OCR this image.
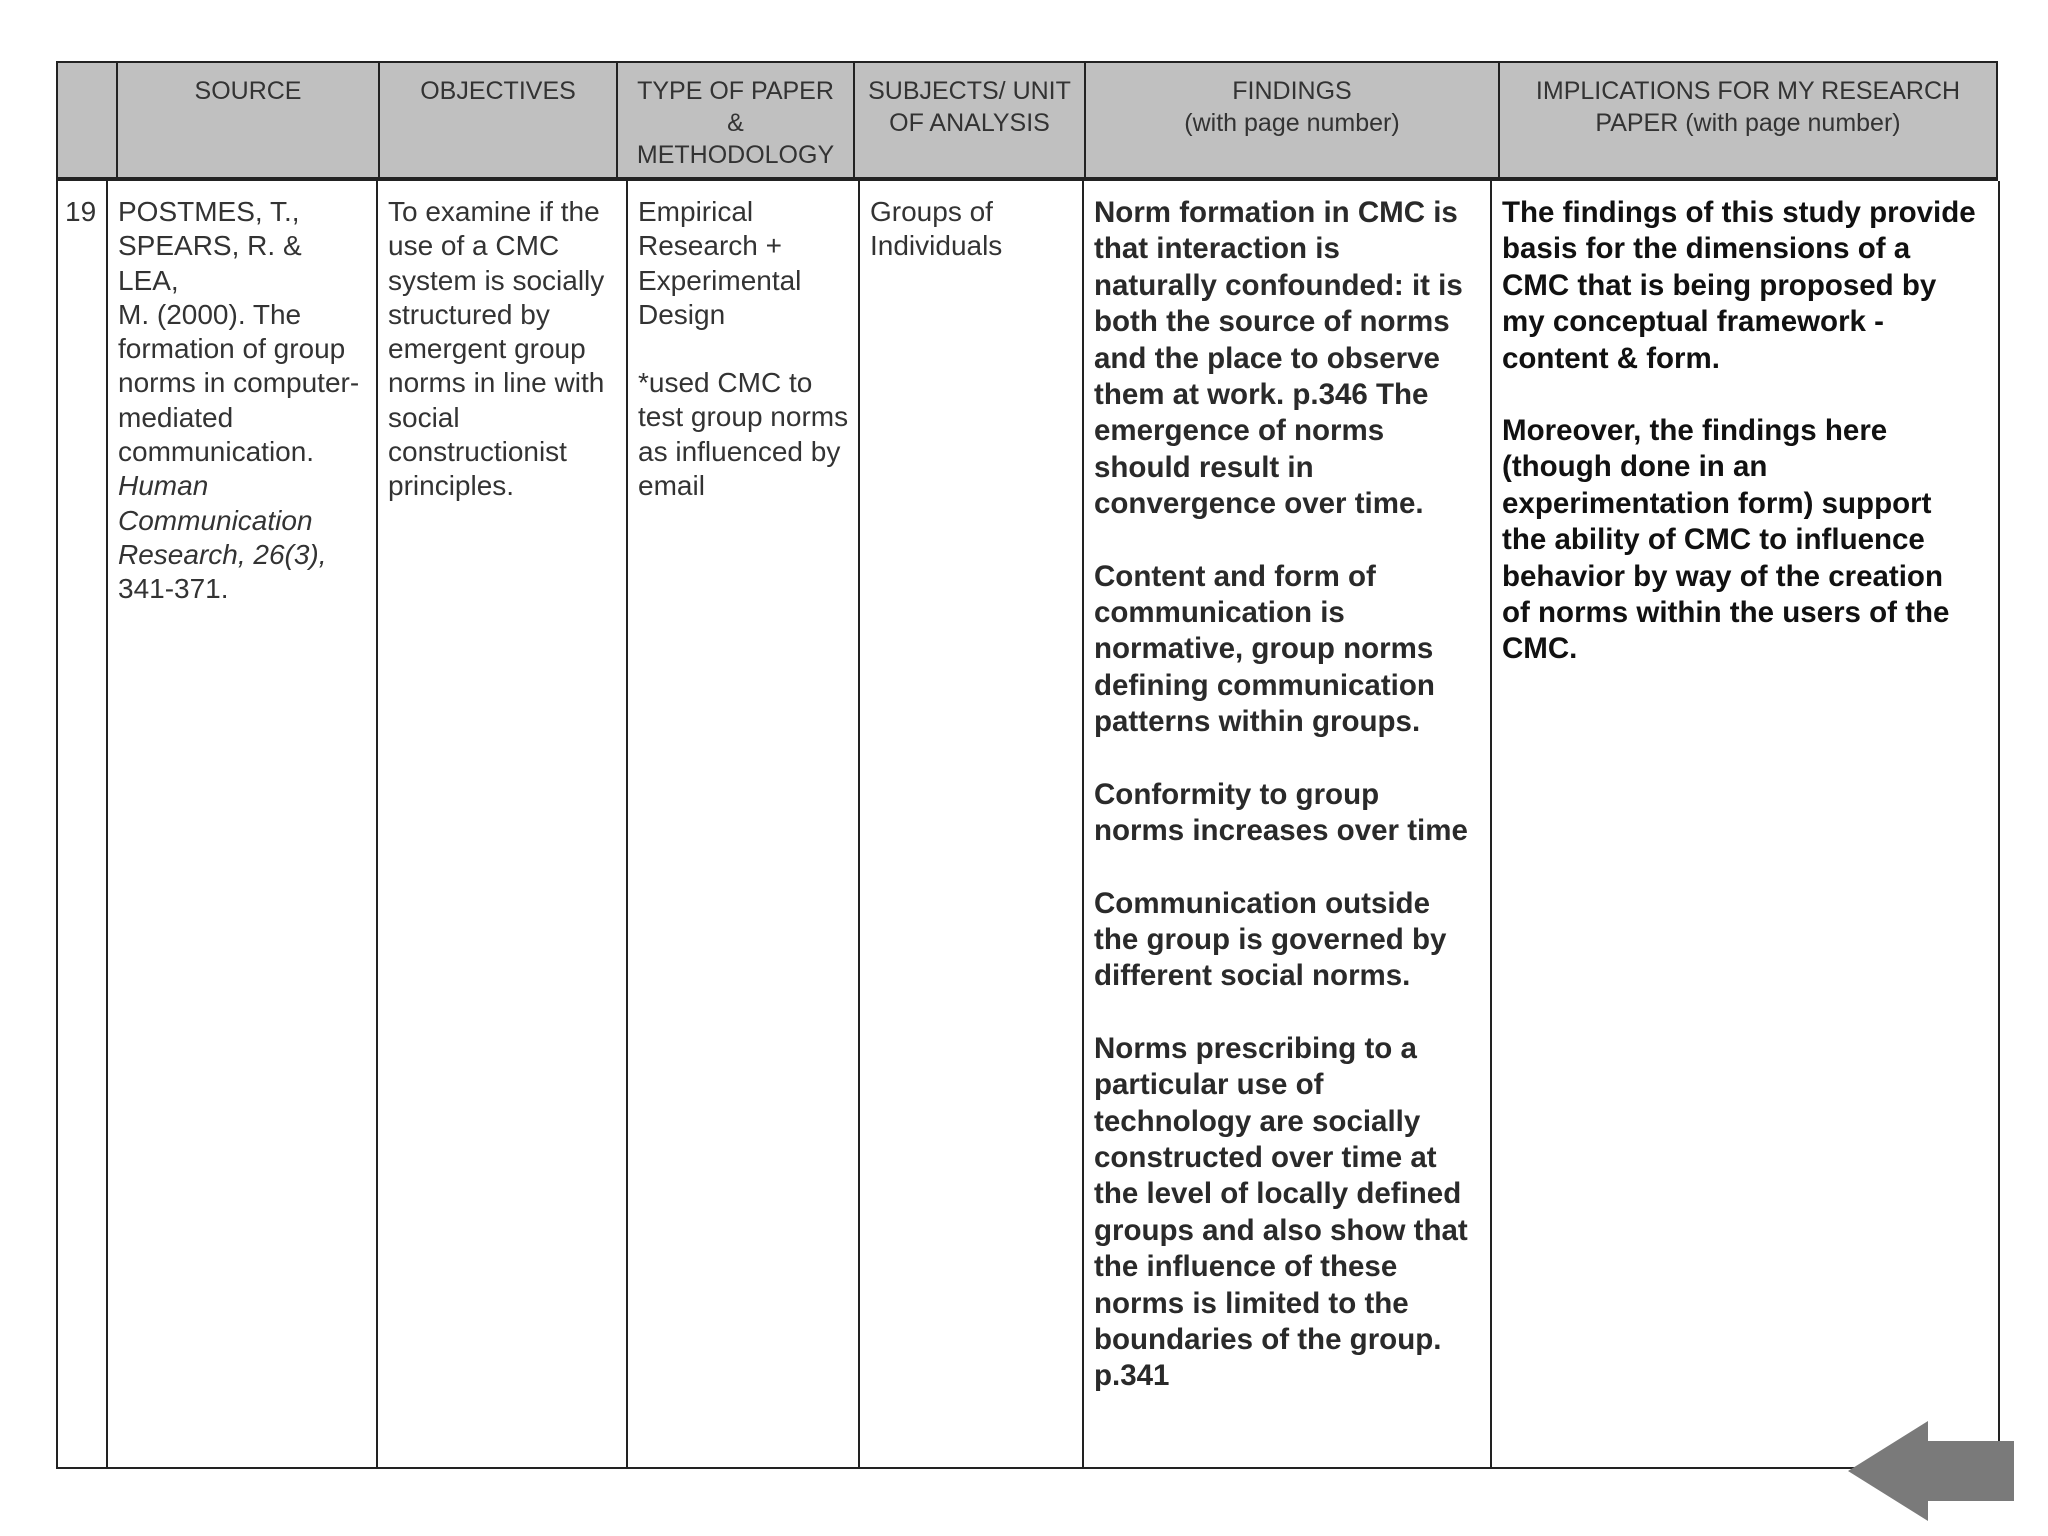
SOURCE	OBJECTIVES	TYPE OF PAPER
&
METHODOLOGY
SUBJECTS/ UNIT
OF ANALYSIS
FINDINGS
(with page number)
IMPLICATIONS FOR MY RESEARCH
PAPER (with page number)
19 POSTMES, T.,
SPEARS, R. & LEA,
M. (2000). The
formation of group
norms in computer-
mediated
communication.

Human
Communication
Research, 26(3),

341-371.

To examine if the
use of a CMC
system is socially
structured by
emergent group
norms in line with
social
constructionist
principles.

Empirical
Research +
Experimental
Design

*used CMC to
test group norms
as influenced by
email

Groups of
Individuals

Norm formation in CMC is
that interaction is
naturally confounded: it is
both the source of norms
and the place to observe
them at work. p.346 The
emergence of norms
should result in
convergence over time.

Content and form of
communication is
normative, group norms
defining communication
patterns within groups.

Conformity to group
norms increases over time

Communication outside
the group is governed by
different social norms.

Norms prescribing to a
particular use of
technology are socially
constructed over time at
the level of locally defined
groups and also show that
the influence of these
norms is limited to the
boundaries of the group.
p.341

The findings of this study provide
basis for the dimensions of a
CMC that is being proposed by
my conceptual framework -
content & form.

Moreover, the findings here
(though done in an
experimentation form) support
the ability of CMC to influence
behavior by way of the creation
of norms within the users of the
CMC.
